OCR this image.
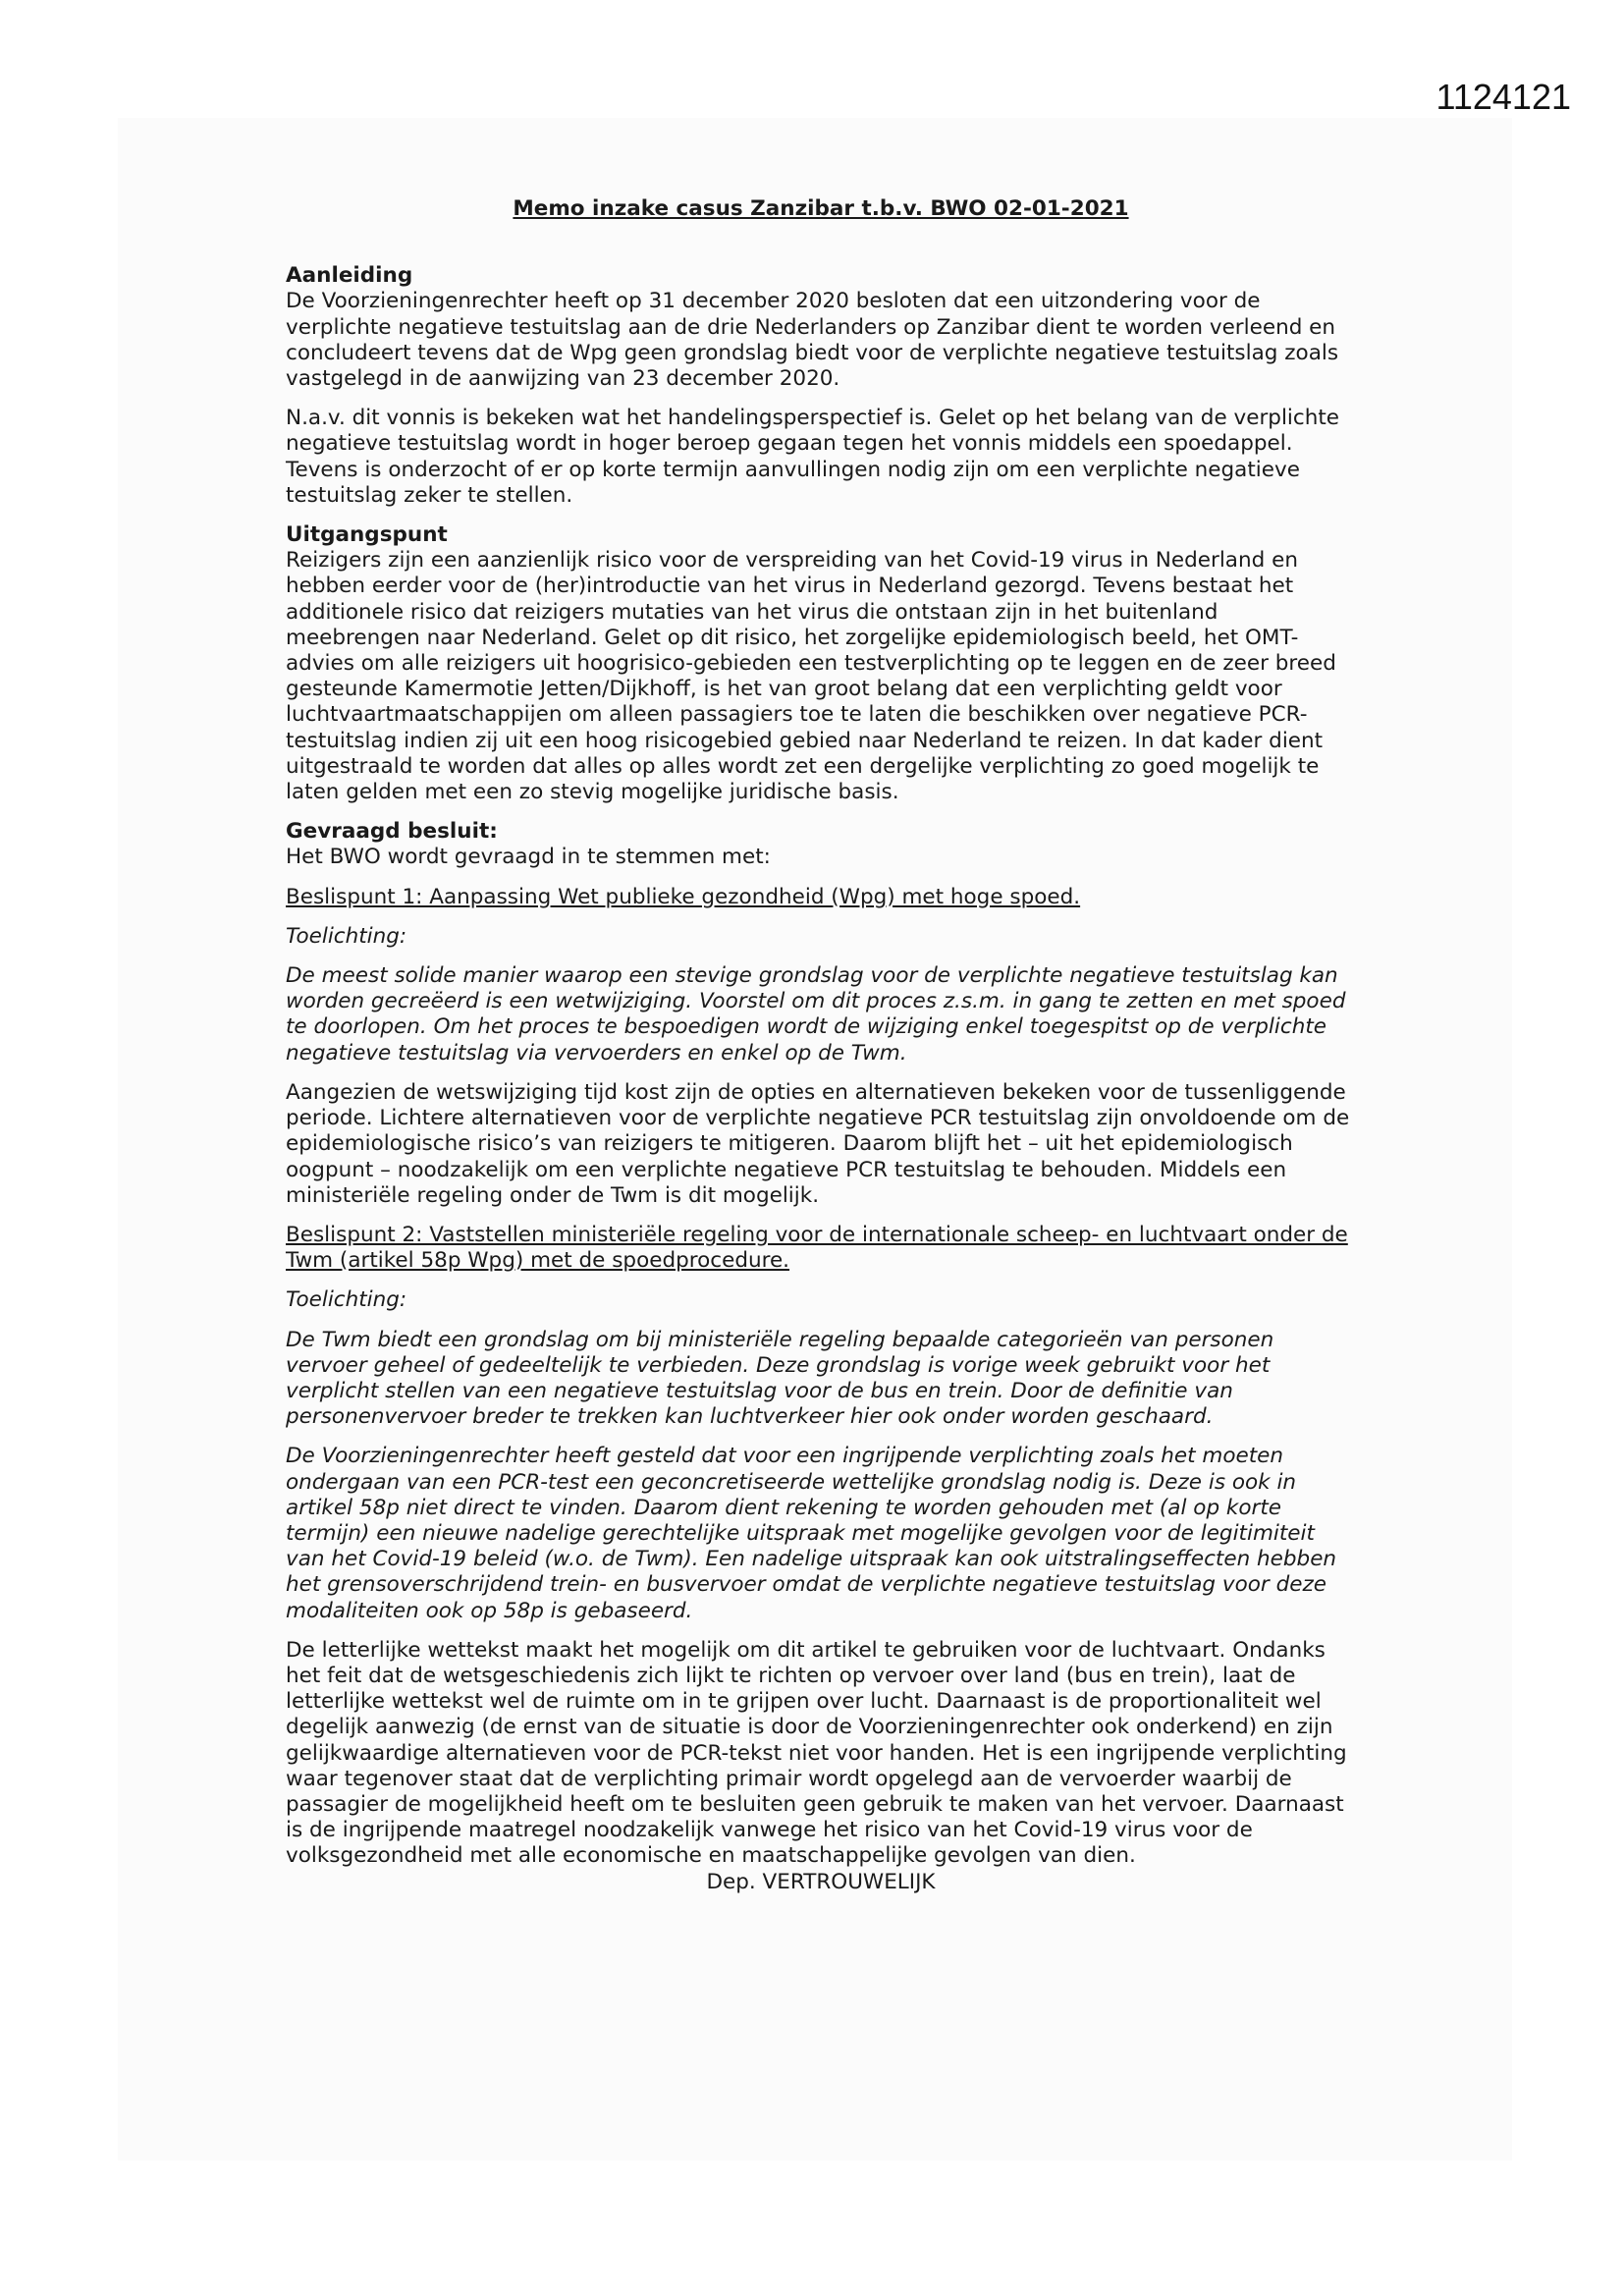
1124121
Memo inzake casus Zanzibar t.b.v. BWO 02-01-2021
Aanleiding

De Voorzieningenrechter heeft op 31 december 2020 besloten dat een uitzondering voor de verplichte negatieve testuitslag aan de drie Nederlanders op Zanzibar dient te worden verleend en concludeert tevens dat de Wpg geen grondslag biedt voor de verplichte negatieve testuitslag zoals vastgelegd in de aanwijzing van 23 december 2020.

N.a.v. dit vonnis is bekeken wat het handelingsperspectief is. Gelet op het belang van de verplichte negatieve testuitslag wordt in hoger beroep gegaan tegen het vonnis middels een spoedappel. Tevens is onderzocht of er op korte termijn aanvullingen nodig zijn om een verplichte negatieve testuitslag zeker te stellen.

Uitgangspunt

Reizigers zijn een aanzienlijk risico voor de verspreiding van het Covid-19 virus in Nederland en hebben eerder voor de (her)introductie van het virus in Nederland gezorgd. Tevens bestaat het additionele risico dat reizigers mutaties van het virus die ontstaan zijn in het buitenland meebrengen naar Nederland. Gelet op dit risico, het zorgelijke epidemiologisch beeld, het OMT-advies om alle reizigers uit hoogrisico-gebieden een testverplichting op te leggen en de zeer breed gesteunde Kamermotie Jetten/Dijkhoff, is het van groot belang dat een verplichting geldt voor luchtvaartmaatschappijen om alleen passagiers toe te laten die beschikken over negatieve PCR-testuitslag indien zij uit een hoog risicogebied gebied naar Nederland te reizen. In dat kader dient uitgestraald te worden dat alles op alles wordt zet een dergelijke verplichting zo goed mogelijk te laten gelden met een zo stevig mogelijke juridische basis.

Gevraagd besluit:

Het BWO wordt gevraagd in te stemmen met:

Beslispunt 1: Aanpassing Wet publieke gezondheid (Wpg) met hoge spoed.

Toelichting:

De meest solide manier waarop een stevige grondslag voor de verplichte negatieve testuitslag kan worden gecreëerd is een wetwijziging. Voorstel om dit proces z.s.m. in gang te zetten en met spoed te doorlopen. Om het proces te bespoedigen wordt de wijziging enkel toegespitst op de verplichte negatieve testuitslag via vervoerders en enkel op de Twm.

Aangezien de wetswijziging tijd kost zijn de opties en alternatieven bekeken voor de tussenliggende periode. Lichtere alternatieven voor de verplichte negatieve PCR testuitslag zijn onvoldoende om de epidemiologische risico’s van reizigers te mitigeren. Daarom blijft het – uit het epidemiologisch oogpunt – noodzakelijk om een verplichte negatieve PCR testuitslag te behouden. Middels een ministeriële regeling onder de Twm is dit mogelijk.

Beslispunt 2: Vaststellen ministeriële regeling voor de internationale scheep- en luchtvaart onder de Twm (artikel 58p Wpg) met de spoedprocedure.

Toelichting:

De Twm biedt een grondslag om bij ministeriële regeling bepaalde categorieën van personen vervoer geheel of gedeeltelijk te verbieden. Deze grondslag is vorige week gebruikt voor het verplicht stellen van een negatieve testuitslag voor de bus en trein. Door de definitie van personenvervoer breder te trekken kan luchtverkeer hier ook onder worden geschaard.

De Voorzieningenrechter heeft gesteld dat voor een ingrijpende verplichting zoals het moeten ondergaan van een PCR-test een geconcretiseerde wettelijke grondslag nodig is. Deze is ook in artikel 58p niet direct te vinden. Daarom dient rekening te worden gehouden met (al op korte termijn) een nieuwe nadelige gerechtelijke uitspraak met mogelijke gevolgen voor de legitimiteit van het Covid-19 beleid (w.o. de Twm). Een nadelige uitspraak kan ook uitstralingseffecten hebben het grensoverschrijdend trein- en busvervoer omdat de verplichte negatieve testuitslag voor deze modaliteiten ook op 58p is gebaseerd.

De letterlijke wettekst maakt het mogelijk om dit artikel te gebruiken voor de luchtvaart. Ondanks het feit dat de wetsgeschiedenis zich lijkt te richten op vervoer over land (bus en trein), laat de letterlijke wettekst wel de ruimte om in te grijpen over lucht. Daarnaast is de proportionaliteit wel degelijk aanwezig (de ernst van de situatie is door de Voorzieningenrechter ook onderkend) en zijn gelijkwaardige alternatieven voor de PCR-tekst niet voor handen. Het is een ingrijpende verplichting waar tegenover staat dat de verplichting primair wordt opgelegd aan de vervoerder waarbij de passagier de mogelijkheid heeft om te besluiten geen gebruik te maken van het vervoer. Daarnaast is de ingrijpende maatregel noodzakelijk vanwege het risico van het Covid-19 virus voor de volksgezondheid met alle economische en maatschappelijke gevolgen van dien.

Dep. VERTROUWELIJK
